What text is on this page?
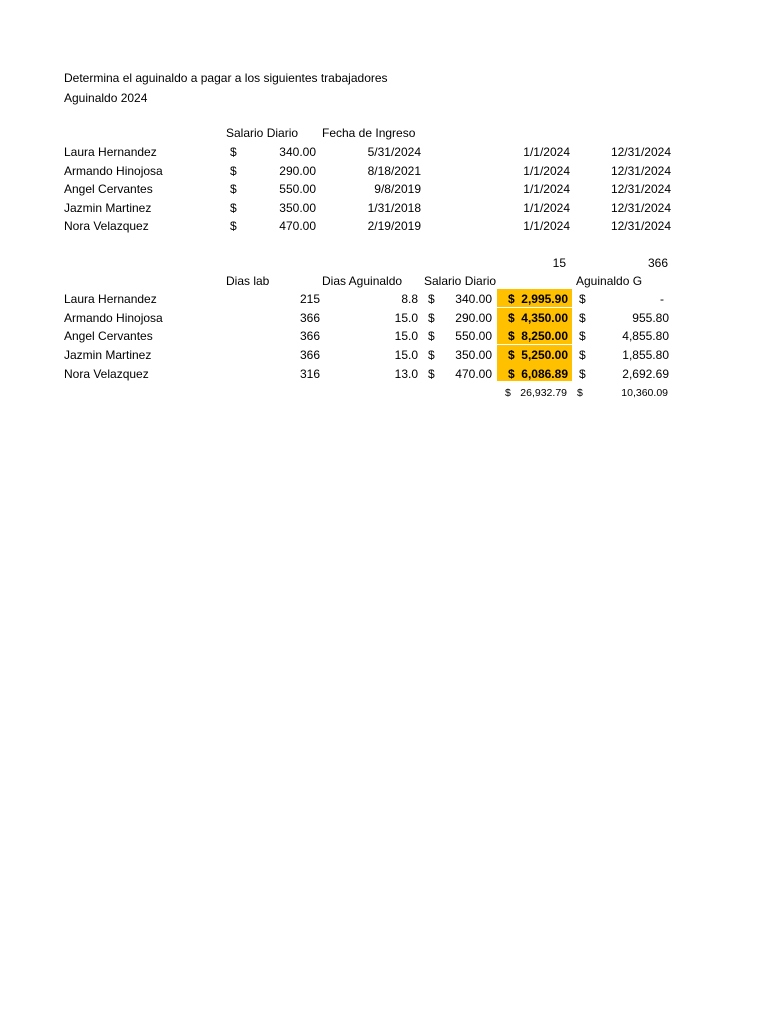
Determina el aguinaldo a pagar a los siguientes trabajadores
Aguinaldo 2024
Salario Diario Fecha de Ingreso
Laura Hernandez	$	340.00	5/31/2024	1/1/2024	12/31/2024
Armando Hinojosa	$	290.00	8/18/2021	1/1/2024	12/31/2024
Angel Cervantes	$	550.00	9/8/2019	1/1/2024	12/31/2024
Jazmin Martinez	$	350.00	1/31/2018	1/1/2024	12/31/2024
Nora Velazquez	$	470.00	2/19/2019	1/1/2024	12/31/2024
15	366
Dias lab	Dias Aguinaldo Salario Diario	Aguinaldo G
Laura Hernandez	215	8.8 $	340.00	$  2,995.90 $	-
Armando Hinojosa	366	15.0 $	290.00	$  4,350.00 $	955.80
Angel Cervantes	366	15.0 $	550.00	$  8,250.00 $	4,855.80
Jazmin Martinez	366	15.0 $	350.00	$  5,250.00 $	1,855.80
Nora Velazquez	316	13.0 $	470.00	$  6,086.89 $	2,692.69
$ 26,932.79 $	10,360.09
